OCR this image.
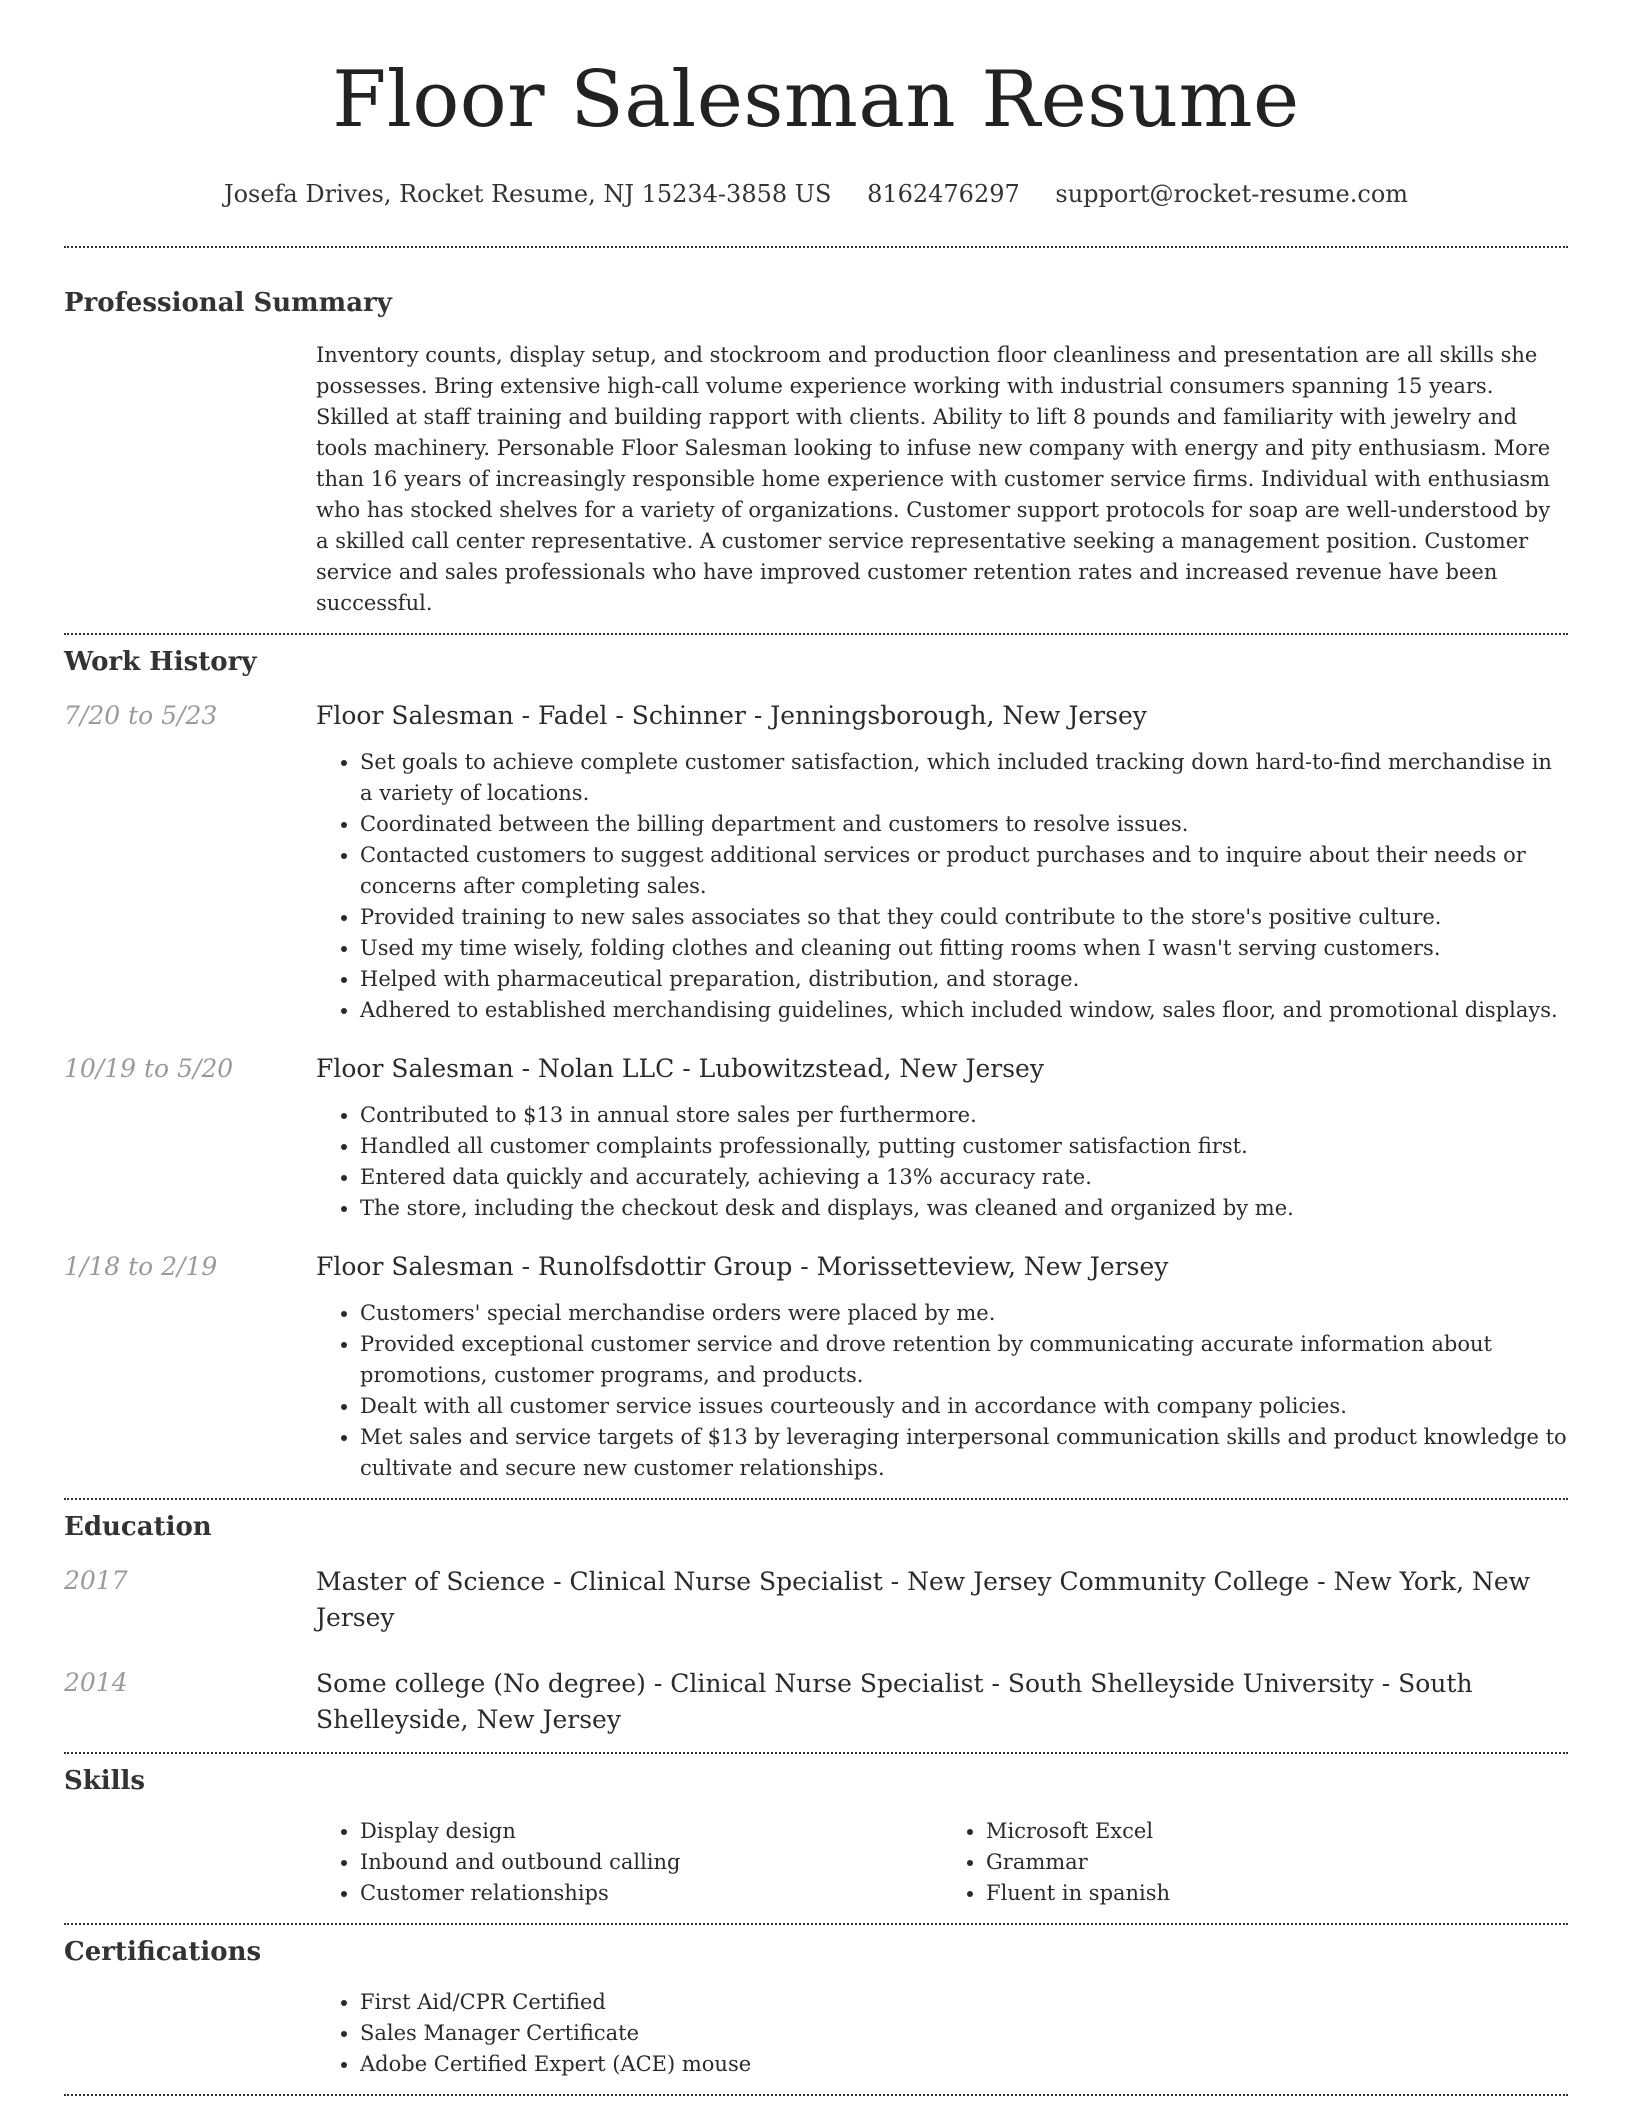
Floor Salesman Resume
Josefa Drives, Rocket Resume, NJ 15234-3858 US 8162476297 support@rocket-resume.com
Professional Summary

Inventory counts, display setup, and stockroom and production floor cleanliness and presentation are all skills she possesses. Bring extensive high-call volume experience working with industrial consumers spanning 15 years. Skilled at staff training and building rapport with clients. Ability to lift 8 pounds and familiarity with jewelry and tools machinery. Personable Floor Salesman looking to infuse new company with energy and pity enthusiasm. More than 16 years of increasingly responsible home experience with customer service firms. Individual with enthusiasm who has stocked shelves for a variety of organizations. Customer support protocols for soap are well-understood by a skilled call center representative. A customer service representative seeking a management position. Customer service and sales professionals who have improved customer retention rates and increased revenue have been successful.

Work History
7/20 to 5/23	Floor Salesman - Fadel - Schinner - Jenningsborough, New Jersey
• Set goals to achieve complete customer satisfaction, which included tracking down hard-to-find merchandise in a variety of locations.
• Coordinated between the billing department and customers to resolve issues.
• Contacted customers to suggest additional services or product purchases and to inquire about their needs or concerns after completing sales.
• Provided training to new sales associates so that they could contribute to the store's positive culture.
• Used my time wisely, folding clothes and cleaning out fitting rooms when I wasn't serving customers.
• Helped with pharmaceutical preparation, distribution, and storage.
• Adhered to established merchandising guidelines, which included window, sales floor, and promotional displays.
10/19 to 5/20	Floor Salesman - Nolan LLC - Lubowitzstead, New Jersey
• Contributed to $13 in annual store sales per furthermore.
• Handled all customer complaints professionally, putting customer satisfaction first.
• Entered data quickly and accurately, achieving a 13% accuracy rate.
• The store, including the checkout desk and displays, was cleaned and organized by me.
1/18 to 2/19	Floor Salesman - Runolfsdottir Group - Morissetteview, New Jersey
• Customers' special merchandise orders were placed by me.
• Provided exceptional customer service and drove retention by communicating accurate information about promotions, customer programs, and products.
• Dealt with all customer service issues courteously and in accordance with company policies.
• Met sales and service targets of $13 by leveraging interpersonal communication skills and product knowledge to cultivate and secure new customer relationships.
Education
2017	Master of Science - Clinical Nurse Specialist - New Jersey Community College - New York, New Jersey
2014	Some college (No degree) - Clinical Nurse Specialist - South Shelleyside University - South Shelleyside, New Jersey
Skills
• Display design
• Inbound and outbound calling
• Customer relationships
• Microsoft Excel
• Grammar
• Fluent in spanish
Certifications
• First Aid/CPR Certified
• Sales Manager Certificate
• Adobe Certified Expert (ACE) mouse
